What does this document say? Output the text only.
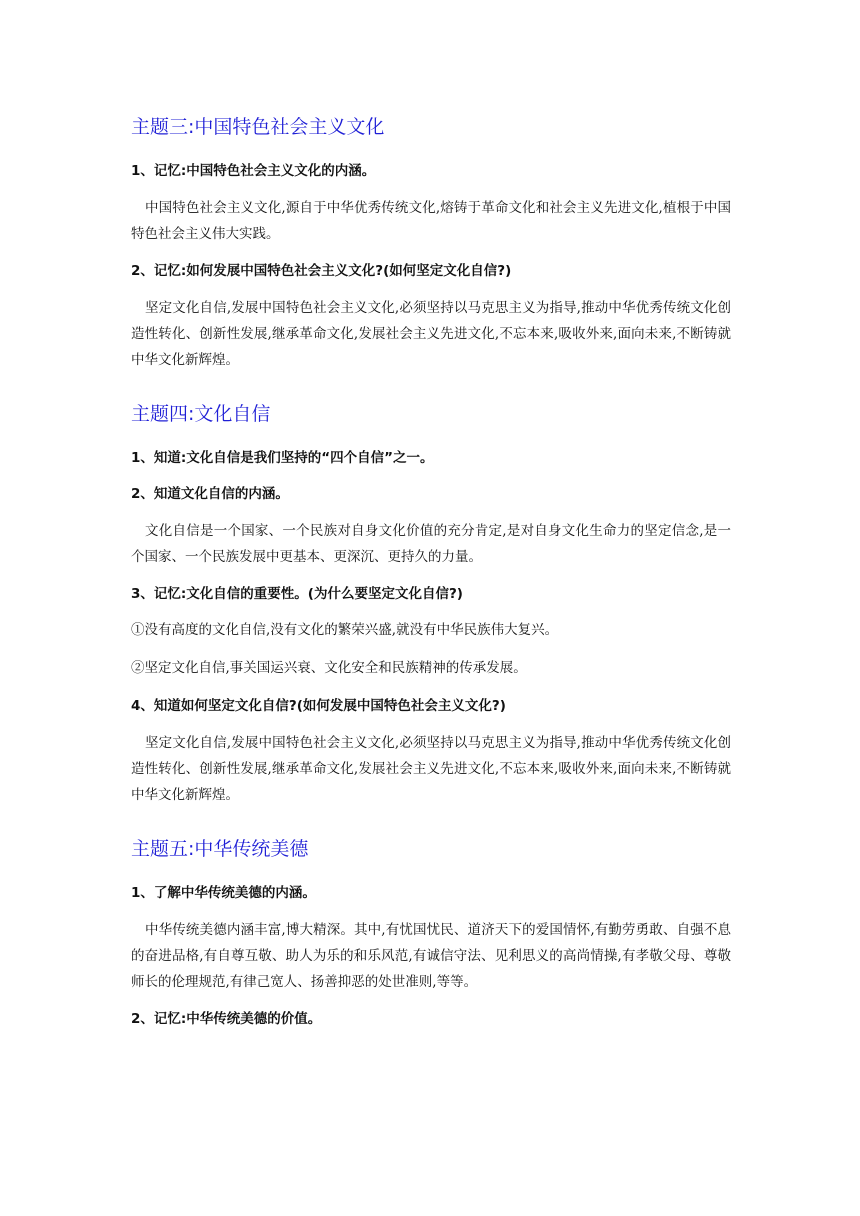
主题三:中国特色社会主义文化
1、记忆:中国特色社会主义文化的内涵。
中国特色社会主义文化,源自于中华优秀传统文化,熔铸于革命文化和社会主义先进文化,植根于中国特色社会主义伟大实践。
2、记忆:如何发展中国特色社会主义文化?(如何坚定文化自信?)
坚定文化自信,发展中国特色社会主义文化,必须坚持以马克思主义为指导,推动中华优秀传统文化创造性转化、创新性发展,继承革命文化,发展社会主义先进文化,不忘本来,吸收外来,面向未来,不断铸就中华文化新辉煌。
主题四:文化自信
1、知道:文化自信是我们坚持的“四个自信”之一。
2、知道文化自信的内涵。
文化自信是一个国家、一个民族对自身文化价值的充分肯定,是对自身文化生命力的坚定信念,是一个国家、一个民族发展中更基本、更深沉、更持久的力量。
3、记忆:文化自信的重要性。(为什么要坚定文化自信?)
①没有高度的文化自信,没有文化的繁荣兴盛,就没有中华民族伟大复兴。
②坚定文化自信,事关国运兴衰、文化安全和民族精神的传承发展。
4、知道如何坚定文化自信?(如何发展中国特色社会主义文化?)
坚定文化自信,发展中国特色社会主义文化,必须坚持以马克思主义为指导,推动中华优秀传统文化创造性转化、创新性发展,继承革命文化,发展社会主义先进文化,不忘本来,吸收外来,面向未来,不断铸就中华文化新辉煌。
主题五:中华传统美德
1、了解中华传统美德的内涵。
中华传统美德内涵丰富,博大精深。其中,有忧国忧民、道济天下的爱国情怀,有勤劳勇敢、自强不息的奋进品格,有自尊互敬、助人为乐的和乐风范,有诚信守法、见利思义的高尚情操,有孝敬父母、尊敬师长的伦理规范,有律己宽人、扬善抑恶的处世准则,等等。
2、记忆:中华传统美德的价值。
